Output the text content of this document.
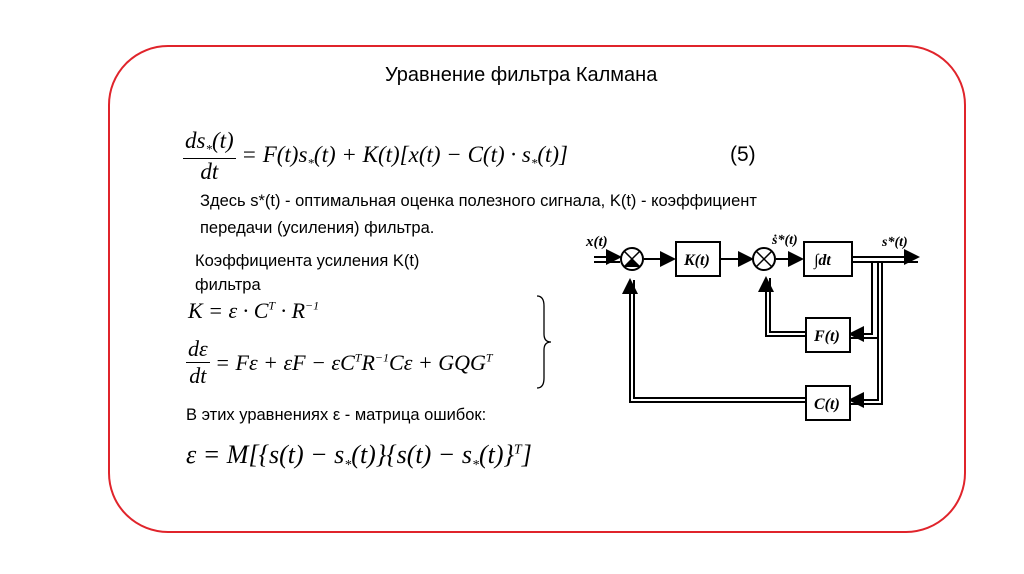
Уравнение фильтра Калмана
$\frac{ds_*(t)}{dt} = F(t)s_*(t) + K(t)[x(t) - C(t) \cdot s_*(t)]$	(5)
Здесь s*(t) - оптимальная оценка полезного сигнала, K(t) - коэффициент
передачи (усиления) фильтра.
Коэффициента усиления K(t)
фильтра
$K = \varepsilon \cdot C^T \cdot R^{-1}$
$\frac{d\varepsilon}{dt} = F\varepsilon + \varepsilon F - \varepsilon C^TR^{-1}C\varepsilon + GQG^T$
В этих уравнениях ε - матрица ошибок:
$\varepsilon = M[\{s(t) - s_*(t)\}\{s(t) - s_*(t)\}^T]$
x(t)
K(t)
ṡ*(t)
∫dt
s*(t)
F(t)
C(t)
